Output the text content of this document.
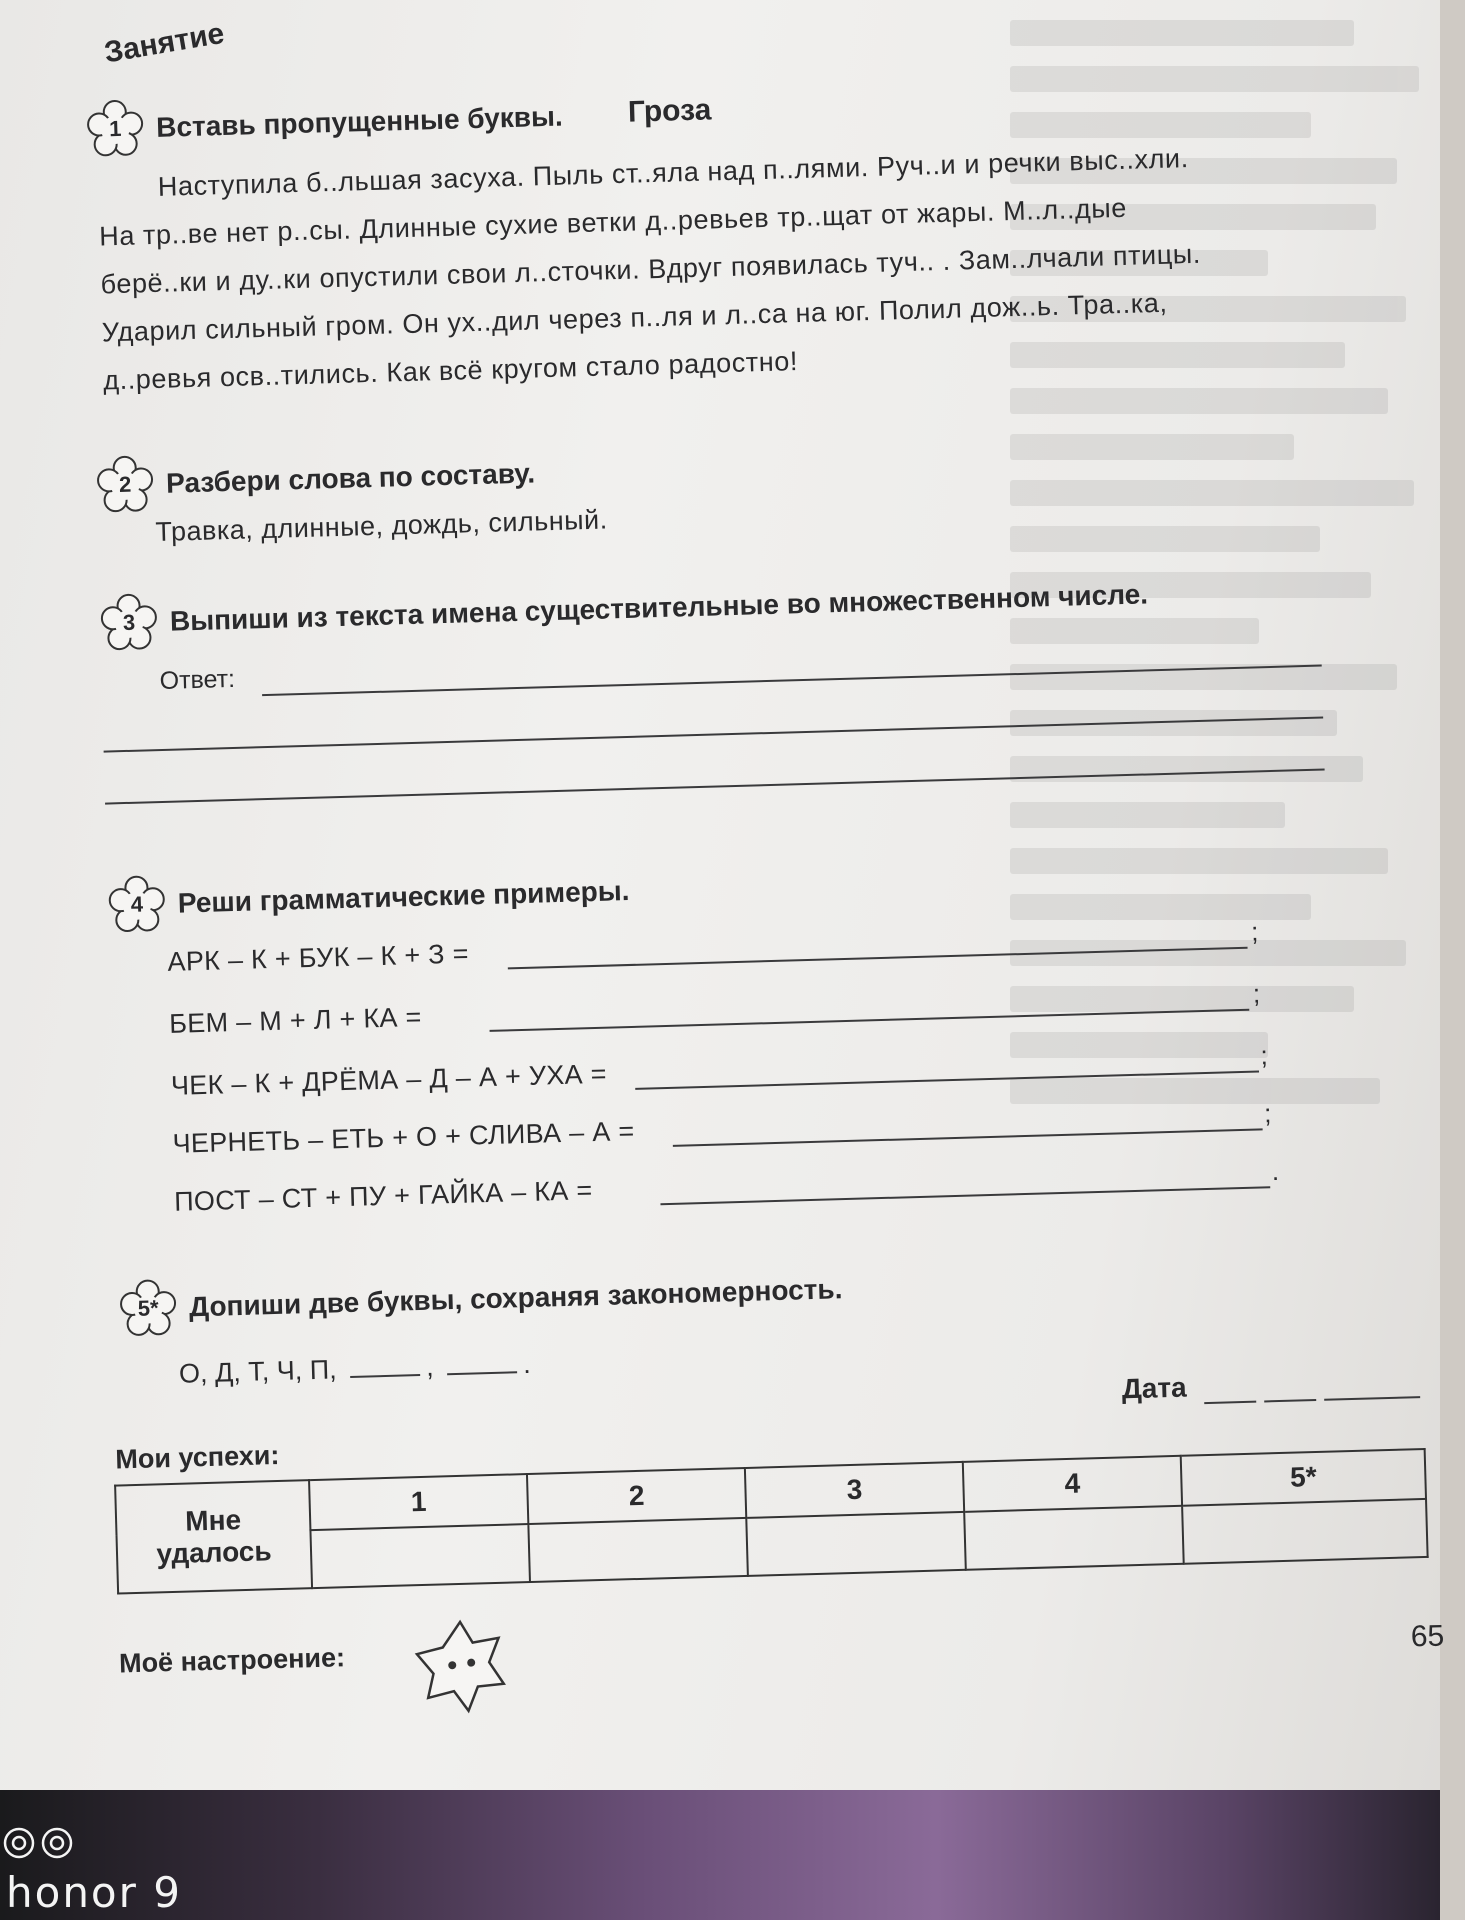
Занятие
1	Вставь пропущенные буквы. Гроза

Наступила б..льшая засуха. Пыль ст..яла над п..лями. Руч..и и речки выс..хли.

На тр..ве нет р..сы. Длинные сухие ветки д..ревьев тр..щат от жары. М..л..дые

берё..ки и ду..ки опустили свои л..сточки. Вдруг появилась туч.. . Зам..лчали птицы.

Ударил сильный гром. Он ух..дил через п..ля и л..са на юг. Полил дож..ь. Тра..ка,

д..ревья осв..тились. Как всё кругом стало радостно!

2	Разбери слова по составу.
Травка, длинные, дождь, сильный.
3	Выпиши из текста имена существительные во множественном числе.
Ответ:
4	Реши грамматические примеры.
АРК – К + БУК – К + З =
;
БЕМ – М + Л + КА =
;
ЧЕК – К + ДРЁМА – Д – А + УХА =
;
ЧЕРНЕТЬ – ЕТЬ + О + СЛИВА – А =
;
ПОСТ – СТ + ПУ + ГАЙКА – КА =
.
5*	Допиши две буквы, сохраняя закономерность.
О, Д, Т, Ч, П,	,	.
Дата
Мои успехи:
Мне
удалось	1	2	3	4	5*

Моё настроение:
65
honor 9
